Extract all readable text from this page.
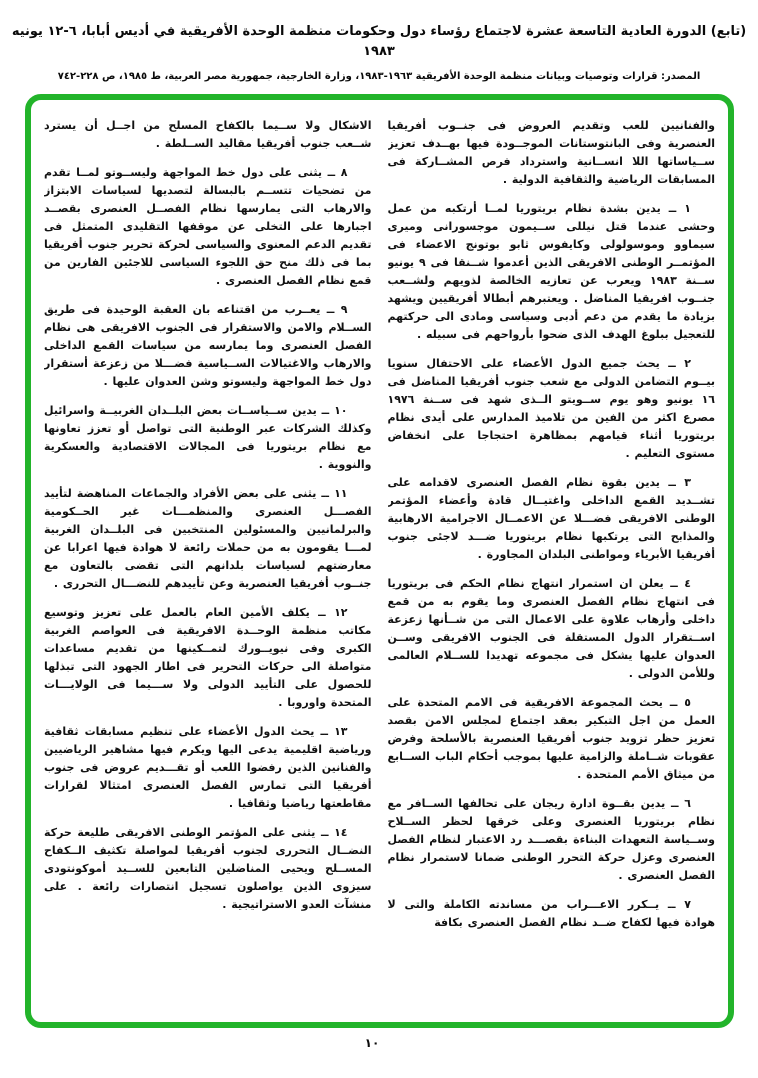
(تابع) الدورة العادية التاسعة عشرة لاجتماع رؤساء دول وحكومات منظمة الوحدة الأفريقية في أديس أبابا، ٦-١٢ يونيه ١٩٨٣
المصدر: قرارات وتوصيات وبيانات منظمة الوحدة الأفريقية ١٩٦٣-١٩٨٣، وزارة الخارجية، جمهورية مصر العربية، ط ١٩٨٥، ص ٢٢٨-٧٤٢

والفنانيين للعب وتقديم العروض فى جنــوب أفريقيا العنصرية وفى البانتوستانات الموجــودة فيها بهــدف تعزيز ســياساتها اللا انســانية واسترداد فرص المشــاركة فى المسابقات الرياضية والثقافية الدولية .

١ ــ يدين بشدة نظام بريتوريا لمــا أرتكبه من عمل وحشى عندما قتل نيللى ســيمون موجسورانى وميرى سيماوو وموسولولى وكايفوس ثابو بوتونج الاعضاء فى المؤتمــر الوطنى الافريقى الذين أعدموا شــنقا فى ٩ يونيو ســنة ١٩٨٣ ويعرب عن تعازيه الخالصة لذويهم ولشــعب جنــوب افريقيا المناضل . ويعتبرهم أبطالا أفريقيين ويشهد بزيادة ما يقدم من دعم أدبى وسياسى ومادى الى حركتهم للتعجيل ببلوغ الهدف الذى ضحوا بأرواحهم فى سبيله .

٢ ــ يحث جميع الدول الأعضاء على الاحتفال سنويا بيــوم التضامن الدولى مع شعب جنوب أفريقيا المناضل فى ١٦ يونيو وهو يوم ســويتو الــذى شهد فى ســنة ١٩٧٦ مصرع اكثر من الفين من تلاميذ المدارس على أيدى نظام بريتوريا أثناء قيامهم بمظاهرة احتجاجا على انخفاض مستوى التعليم .

٣ ــ يدين بقوة نظام الفصل العنصرى لاقدامه على تشــديد القمع الداخلى واغتيــال قادة وأعضاء المؤتمر الوطنى الافريقى فضـــلا عن الاعمــال الاجرامية الارهابية والمذابح التى يرتكبها نظام بريتوريا ضـــد لاجئى جنوب أفريقيا الأبرياء ومواطنى البلدان المجاورة .

٤ ــ يعلن ان استمرار انتهاج نظام الحكم فى بريتوريا فى انتهاج نظام الفصل العنصرى وما يقوم به من قمع داخلى وأرهاب علاوة على الاعمال التى من شــأنها زعزعة اســتقرار الدول المستقلة فى الجنوب الافريقى وســن العدوان عليها يشكل فى مجموعه تهديدا للســلام العالمى وللأمن الدولى .

٥ ــ يحث المجموعة الافريقية فى الامم المتحدة على العمل من اجل التبكير بعقد اجتماع لمجلس الامن بقصد تعزيز حظر تزويد جنوب أفريقيا العنصرية بالأسلحة وفرض عقوبات شــاملة والزامية عليها بموجب أحكام الباب الســابع من ميثاق الأمم المتحدة .

٦ ــ يدين بقــوة ادارة ريجان على تحالفها الســافر مع نظام بريتوريا العنصرى وعلى خرقها لحظر الســلاح وســياسة التعهدات البناءة بقصـــد رد الاعتبار لنظام الفصل العنصرى وعزل حركة التحرر الوطنى ضمانا لاستمرار نظام الفصل العنصرى .

٧ ــ يــكرر الاعـــراب من مساندته الكاملة والتى لا هوادة فيها لكفاح ضــد نظام الفصل العنصرى بكافة

الاشكال ولا ســيما بالكفاح المسلح من اجــل أن يسترد شــعب جنوب أفريقيا مقاليد الســلطة .

٨ ــ يثنى على دول خط المواجهة وليســوتو لمــا تقدم من تضحيات تتســم بالبسالة لتصديها لسياسات الابتزاز والارهاب التى يمارسها نظام الفصــل العنصرى بقصــد اجبارها على التخلى عن موقفها التقليدى المتمثل فى تقديم الدعم المعنوى والسياسى لحركة تحرير جنوب أفريقيا بما فى ذلك منح حق اللجوء السياسى للاجئين الفارين من قمع نظام الفصل العنصرى .

٩ ــ يعــرب من اقتناعه بان العقبة الوحيدة فى طريق الســلام والامن والاستقرار فى الجنوب الافريقى هى نظام الفصل العنصرى وما يمارسه من سياسات القمع الداخلى والارهاب والاغتيالات الســياسية فضـــلا من زعزعة أستقرار دول خط المواجهة وليسوتو وشن العدوان عليها .

١٠ ــ يدين ســياســات بعض البلــدان الغربيــة واسرائيل وكذلك الشركات عبر الوطنية التى تواصل أو تعزز تعاونها مع نظام بريتوريا فى المجالات الاقتصادية والعسكرية والنووية .

١١ ــ يثنى على بعض الأفراد والجماعات المناهضة لتأييد الفصـــل العنصرى والمنظمـــات غير الحــكومية والبرلمانيين والمسئولين المنتخبين فى البلــدان الغربية لمـــا يقومون به من حملات رائعة لا هوادة فيها اعرابا عن معارضتهم لسياسات بلدانهم التى تقضى بالتعاون مع جنــوب أفريقيا العنصرية وعن تأييدهم للنضـــال التحررى .

١٢ ــ يكلف الأمين العام بالعمل على تعزيز وتوسيع مكاتب منظمة الوحــدة الافريقية فى العواصم الغربية الكبرى وفى نيويــورك لتمــكينها من تقديم مساعدات متواصلة الى حركات التحرير فى اطار الجهود التى تبذلها للحصول على التأييد الدولى ولا ســـيما فى الولايـــات المتحدة واوروبا .

١٣ ــ يحث الدول الأعضاء على تنظيم مسابقات ثقافية ورياضية اقليمية يدعى اليها ويكرم فيها مشاهير الرياضيين والفنانين الذين رفضوا اللعب أو تقـــديم عروض فى جنوب أفريقيا التى تمارس الفصل العنصرى امتثالا لقرارات مقاطعتها رياضيا وثقافيا .

١٤ ــ يثنى على المؤتمر الوطنى الافريقى طليعة حركة النضــال التحررى لجنوب أفريقيا لمواصلة تكثيف الــكفاح المســلح ويحيى المناضلين التابعين للســيد أموكونتودى سيزوى الذين يواصلون تسجيل انتصارات رائعة . على منشآت العدو الاستراتيجية .

١٠
